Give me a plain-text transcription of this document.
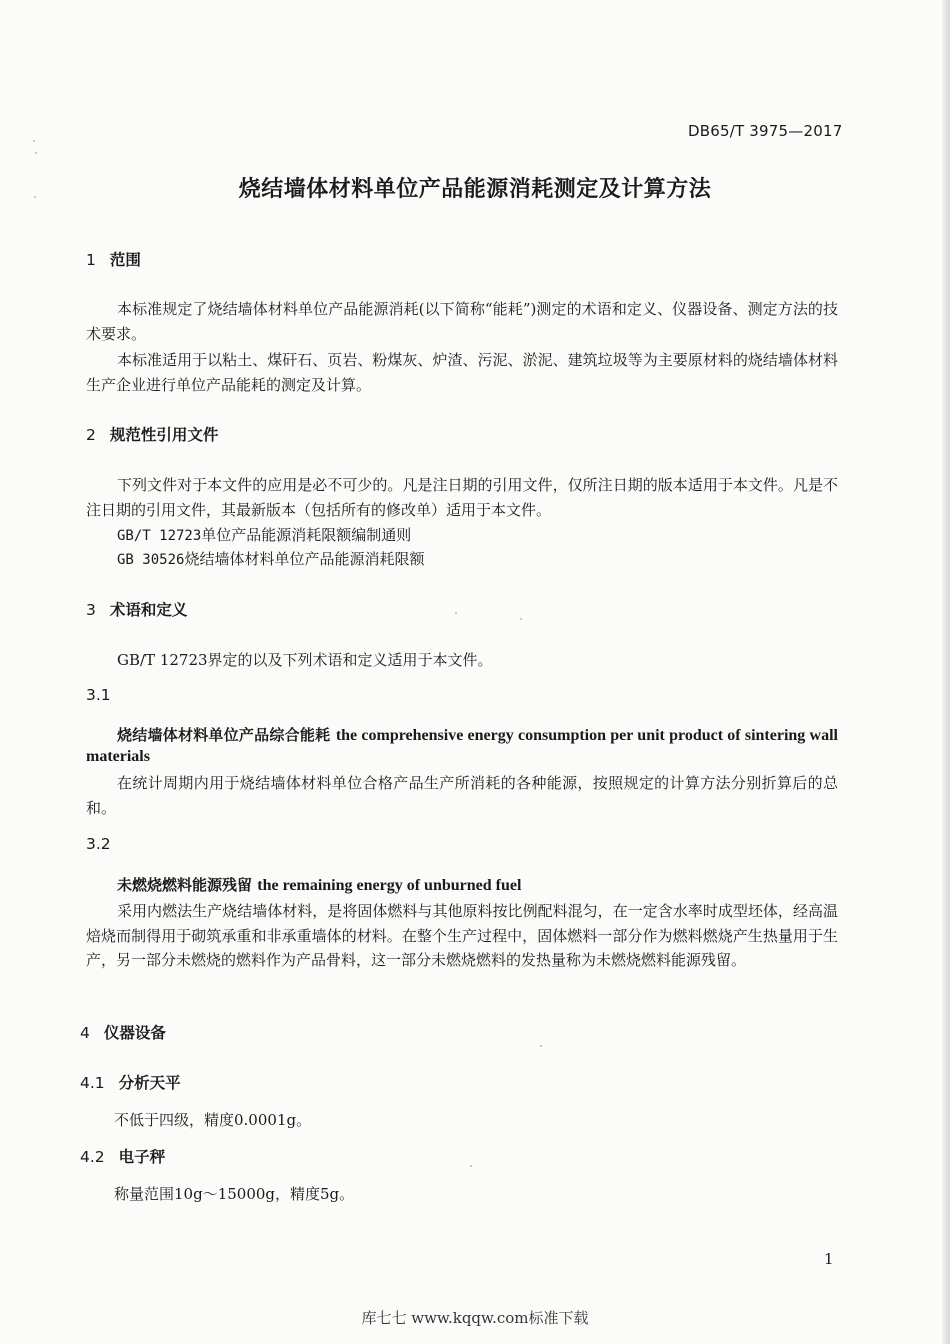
DB65/T 3975—2017
烧结墙体材料单位产品能源消耗测定及计算方法
1 范围
本标准规定了烧结墙体材料单位产品能源消耗(以下简称“能耗”)测定的术语和定义、仪器设备、测定方法的技术要求。
本标准适用于以粘土、煤矸石、页岩、粉煤灰、炉渣、污泥、淤泥、建筑垃圾等为主要原材料的烧结墙体材料生产企业进行单位产品能耗的测定及计算。
2 规范性引用文件
下列文件对于本文件的应用是必不可少的。凡是注日期的引用文件，仅所注日期的版本适用于本文件。凡是不注日期的引用文件，其最新版本（包括所有的修改单）适用于本文件。
GB/T 12723单位产品能源消耗限额编制通则
GB 30526烧结墙体材料单位产品能源消耗限额
3 术语和定义
GB/T 12723界定的以及下列术语和定义适用于本文件。
3.1
烧结墙体材料单位产品综合能耗 the comprehensive energy consumption per unit product of sintering wall materials
在统计周期内用于烧结墙体材料单位合格产品生产所消耗的各种能源，按照规定的计算方法分别折算后的总和。
3.2
未燃烧燃料能源残留 the remaining energy of unburned fuel
采用内燃法生产烧结墙体材料，是将固体燃料与其他原料按比例配料混匀，在一定含水率时成型坯体，经高温焙烧而制得用于砌筑承重和非承重墙体的材料。在整个生产过程中，固体燃料一部分作为燃料燃烧产生热量用于生产，另一部分未燃烧的燃料作为产品骨料，这一部分未燃烧燃料的发热量称为未燃烧燃料能源残留。
4 仪器设备
4.1 分析天平
不低于四级，精度0.0001g。
4.2 电子秤
称量范围10g～15000g，精度5g。
1
库七七 www.kqqw.com标准下载
